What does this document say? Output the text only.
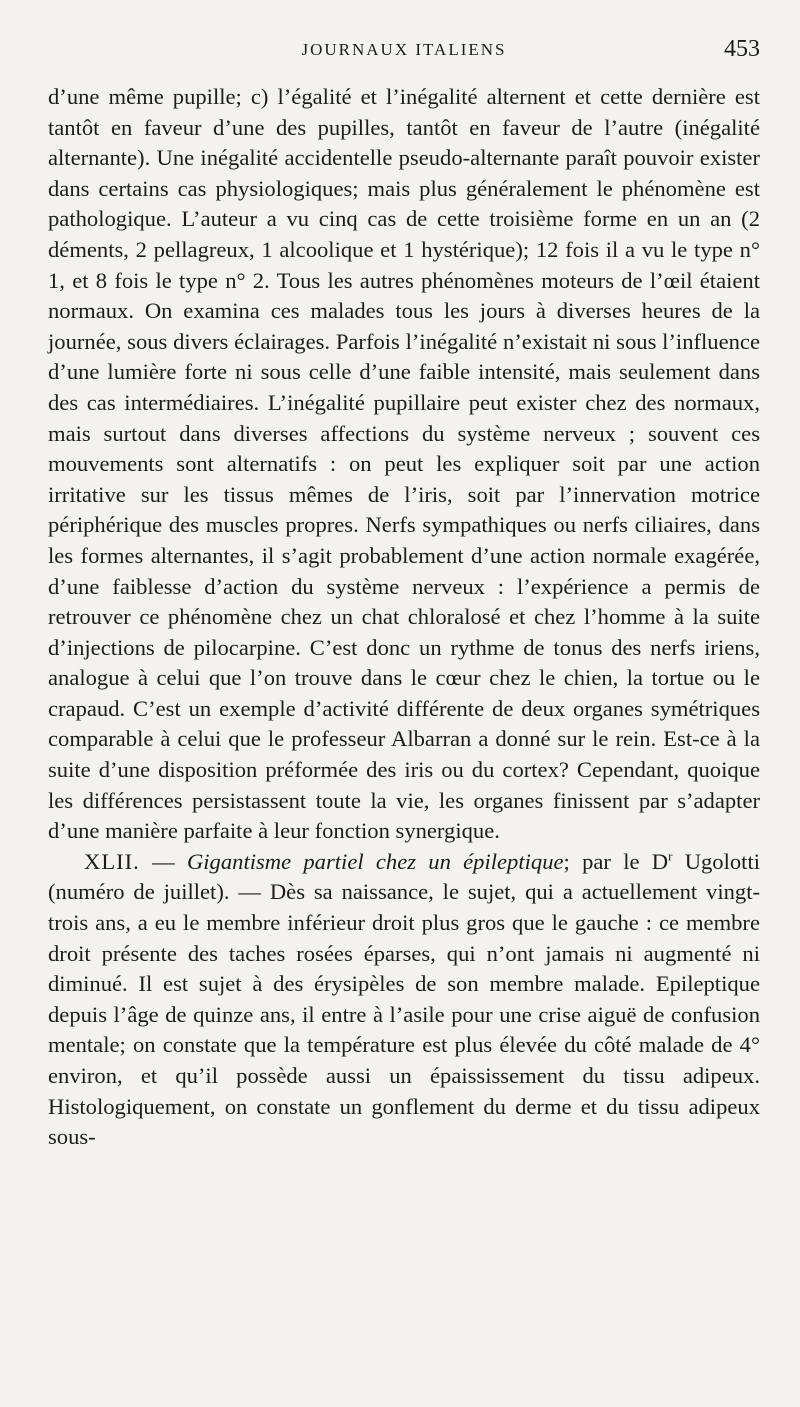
JOURNAUX ITALIENS	453

d’une même pupille; c) l’égalité et l’inégalité alternent et cette dernière est tantôt en faveur d’une des pupilles, tantôt en faveur de l’autre (inégalité alternante). Une inégalité accidentelle pseudo-alternante paraît pouvoir exister dans certains cas physiologiques; mais plus généralement le phénomène est pathologique. L’auteur a vu cinq cas de cette troisième forme en un an (2 déments, 2 pellagreux, 1 alcoolique et 1 hystérique); 12 fois il a vu le type n° 1, et 8 fois le type n° 2. Tous les autres phénomènes moteurs de l’œil étaient normaux. On examina ces malades tous les jours à diverses heures de la journée, sous divers éclairages. Parfois l’inégalité n’existait ni sous l’influence d’une lumière forte ni sous celle d’une faible intensité, mais seulement dans des cas intermédiaires. L’inégalité pupillaire peut exister chez des normaux, mais surtout dans diverses affections du système nerveux ; souvent ces mouvements sont alternatifs : on peut les expliquer soit par une action irritative sur les tissus mêmes de l’iris, soit par l’innervation motrice périphérique des muscles propres. Nerfs sympathiques ou nerfs ciliaires, dans les formes alternantes, il s’agit probablement d’une action normale exagérée, d’une faiblesse d’action du système nerveux : l’expérience a permis de retrouver ce phénomène chez un chat chloralosé et chez l’homme à la suite d’injections de pilocarpine. C’est donc un rythme de tonus des nerfs iriens, analogue à celui que l’on trouve dans le cœur chez le chien, la tortue ou le crapaud. C’est un exemple d’activité différente de deux organes symétriques comparable à celui que le professeur Albarran a donné sur le rein. Est-ce à la suite d’une disposition préformée des iris ou du cortex? Cependant, quoique les différences persistassent toute la vie, les organes finissent par s’adapter d’une manière parfaite à leur fonction synergique.

XLII. — Gigantisme partiel chez un épileptique; par le $D^r$ Ugolotti (numéro de juillet). — Dès sa naissance, le sujet, qui a actuellement vingt-trois ans, a eu le membre inférieur droit plus gros que le gauche : ce membre droit présente des taches rosées éparses, qui n’ont jamais ni augmenté ni diminué. Il est sujet à des érysipèles de son membre malade. Epileptique depuis l’âge de quinze ans, il entre à l’asile pour une crise aiguë de confusion mentale; on constate que la température est plus élevée du côté malade de 4° environ, et qu’il possède aussi un épaississement du tissu adipeux. Histologiquement, on constate un gonflement du derme et du tissu adipeux sous-
